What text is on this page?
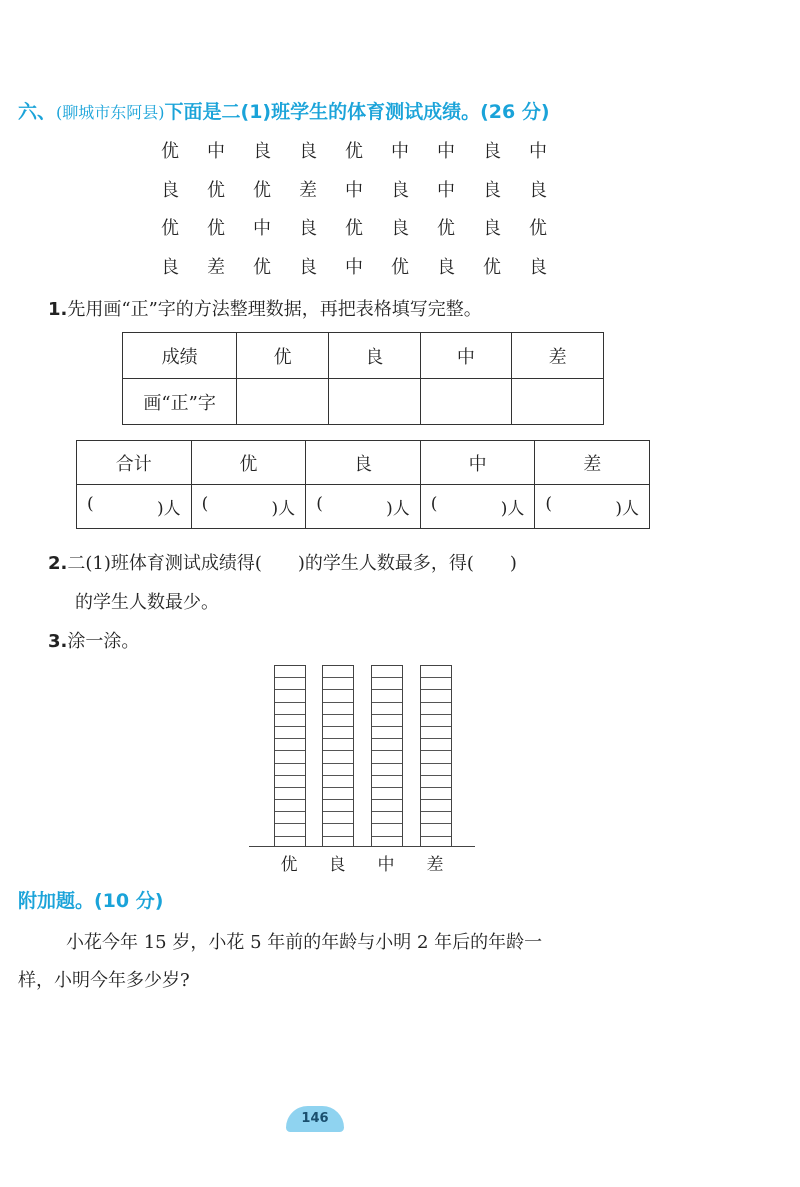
六、(聊城市东阿县)下面是二(1)班学生的体育测试成绩。(26 分)
优	中	良	良	优	中	中	良	中
良	优	优	差	中	良	中	良	良
优	优	中	良	优	良	优	良	优
良	差	优	良	中	优	良	优	良
1.先用画“正”字的方法整理数据，再把表格填写完整。
成绩	优	良	中	差
画“正”字				
合计	优	良	中	差

( )人	( )人	( )人	( )人	( )人
2.二(1)班体育测试成绩得(　　)的学生人数最多，得(　　)
的学生人数最少。
3.涂一涂。
优	良	中	差
附加题。(10 分)
小花今年 15 岁，小花 5 年前的年龄与小明 2 年后的年龄一
样，小明今年多少岁?
146
